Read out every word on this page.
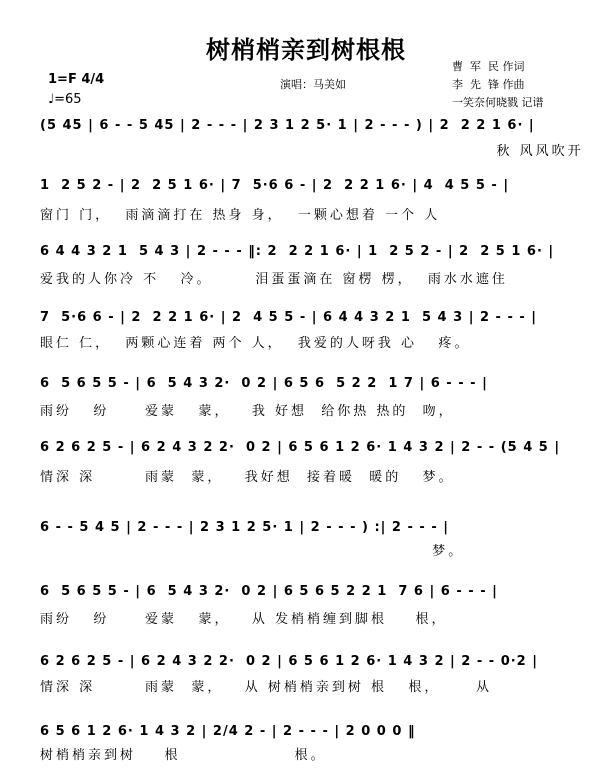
树梢梢亲到树根根
1=F 4/4
♩=65
演唱：马美如
曹  军  民 作词
李  先  锋 作曲
一笑奈何晓戮 记谱
(5 45 | 6 - - 5 45 | 2 - - - | 2 3 1 2 5· 1 | 2 - - - ) | 2  2 2 1 6· |
秋 风风吹开
1  2 5 2 - | 2  2 5 1 6· | 7  5·6 6 - | 2  2 2 1 6· | 4  4 5 5 - |
窗门 门，  雨滴滴打在 热身 身，  一颗心想着 一个 人
6 4 4 3 2 1  5 4 3 | 2 - - - ‖: 2  2 2 1 6· | 1  2 5 2 - | 2  2 5 1 6· |
爱我的人你冷 不   冷。      泪蛋蛋滴在 窗楞 楞，  雨水水遮住
7  5·6 6 - | 2  2 2 1 6· | 2  4 5 5 - | 6 4 4 3 2 1  5 4 3 | 2 - - - |
眼仁 仁，  两颗心连着 两个 人，  我爱的人呀我 心   疼。
6  5 6 5 5 - | 6  5 4 3 2·  0 2 | 6 5 6  5 2 2  1 7 | 6 - - - |
雨纷   纷     爱蒙   蒙，   我 好想  给你热 热的  吻，
6 2 6 2 5 - | 6 2 4 3 2 2·  0 2 | 6 5 6 1 2 6· 1 4 3 2 | 2 - - (5 4 5 |
情深 深       雨蒙  蒙，   我好想  接着暖  暖的   梦。
6 - - 5 4 5 | 2 - - - | 2 3 1 2 5· 1 | 2 - - - ) :| 2 - - - |
梦。
6  5 6 5 5 - | 6  5 4 3 2·  0 2 | 6 5 6 5 2 2 1  7 6 | 6 - - - |
雨纷   纷     爱蒙   蒙，   从 发梢梢缠到脚根    根，
6 2 6 2 5 - | 6 2 4 3 2 2·  0 2 | 6 5 6 1 2 6· 1 4 3 2 | 2 - - 0·2 |
情深 深       雨蒙  蒙，   从 树梢梢亲到树 根   根，     从
6 5 6 1 2 6· 1 4 3 2 | 2/4 2 - | 2 - - - | 2 0 0 0 ‖
树梢梢亲到树    根                根。
